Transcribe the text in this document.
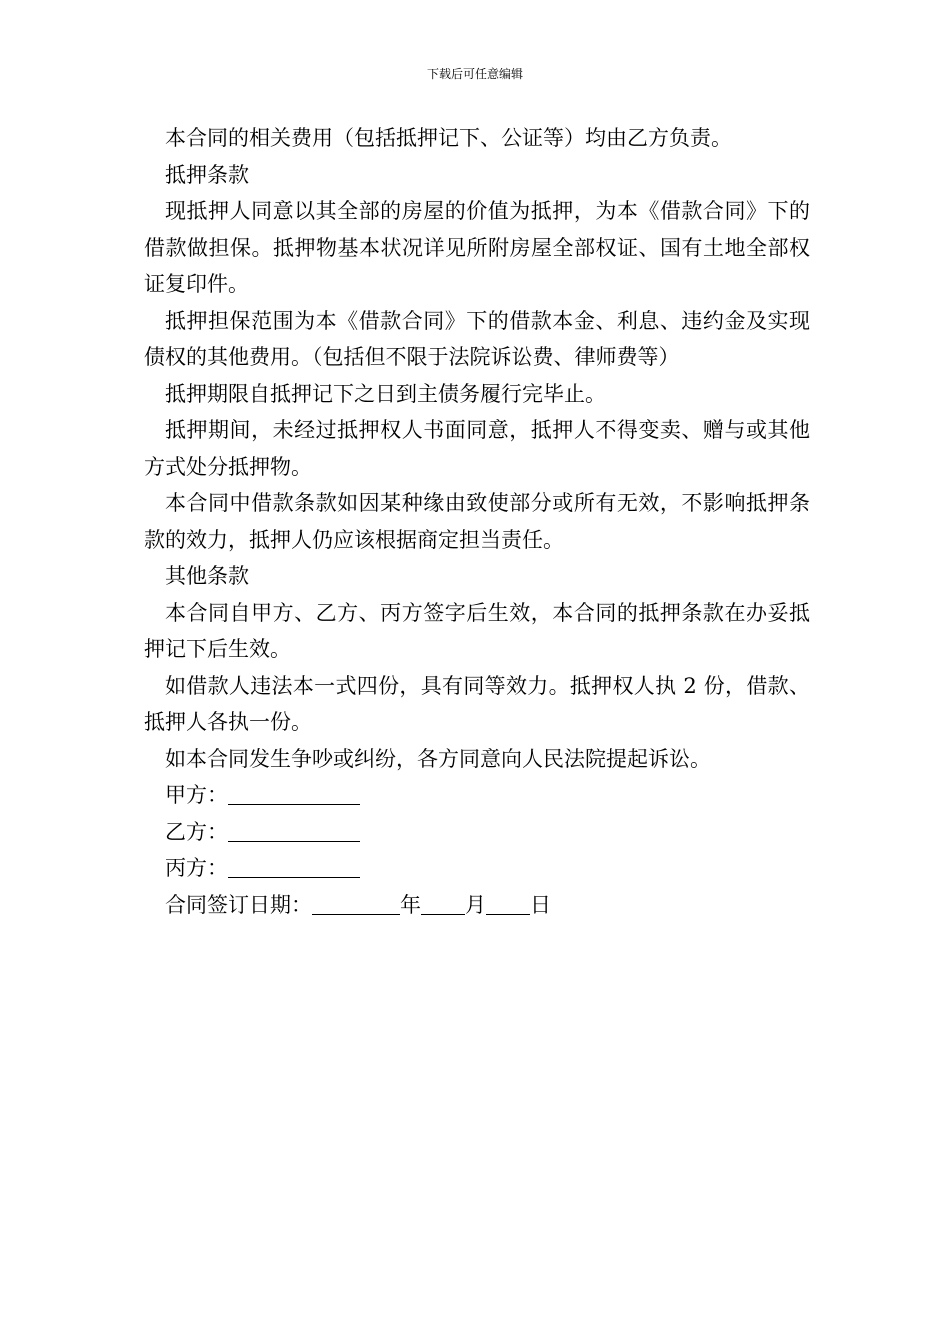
下载后可任意编辑

本合同的相关费用（包括抵押记下、公证等）均由乙方负责。

抵押条款

现抵押人同意以其全部的房屋的价值为抵押，为本《借款合同》下的借款做担保。抵押物基本状况详见所附房屋全部权证、国有土地全部权证复印件。

抵押担保范围为本《借款合同》下的借款本金、利息、违约金及实现债权的其他费用。（包括但不限于法院诉讼费、律师费等）

抵押期限自抵押记下之日到主债务履行完毕止。

抵押期间，未经过抵押权人书面同意，抵押人不得变卖、赠与或其他方式处分抵押物。

本合同中借款条款如因某种缘由致使部分或所有无效，不影响抵押条款的效力，抵押人仍应该根据商定担当责任。

其他条款

本合同自甲方、乙方、丙方签字后生效，本合同的抵押条款在办妥抵押记下后生效。

如借款人违法本一式四份，具有同等效力。抵押权人执 2 份，借款、抵押人各执一份。

如本合同发生争吵或纠纷，各方同意向人民法院提起诉讼。

甲方：

乙方：

丙方：

合同签订日期：	年 月 日
